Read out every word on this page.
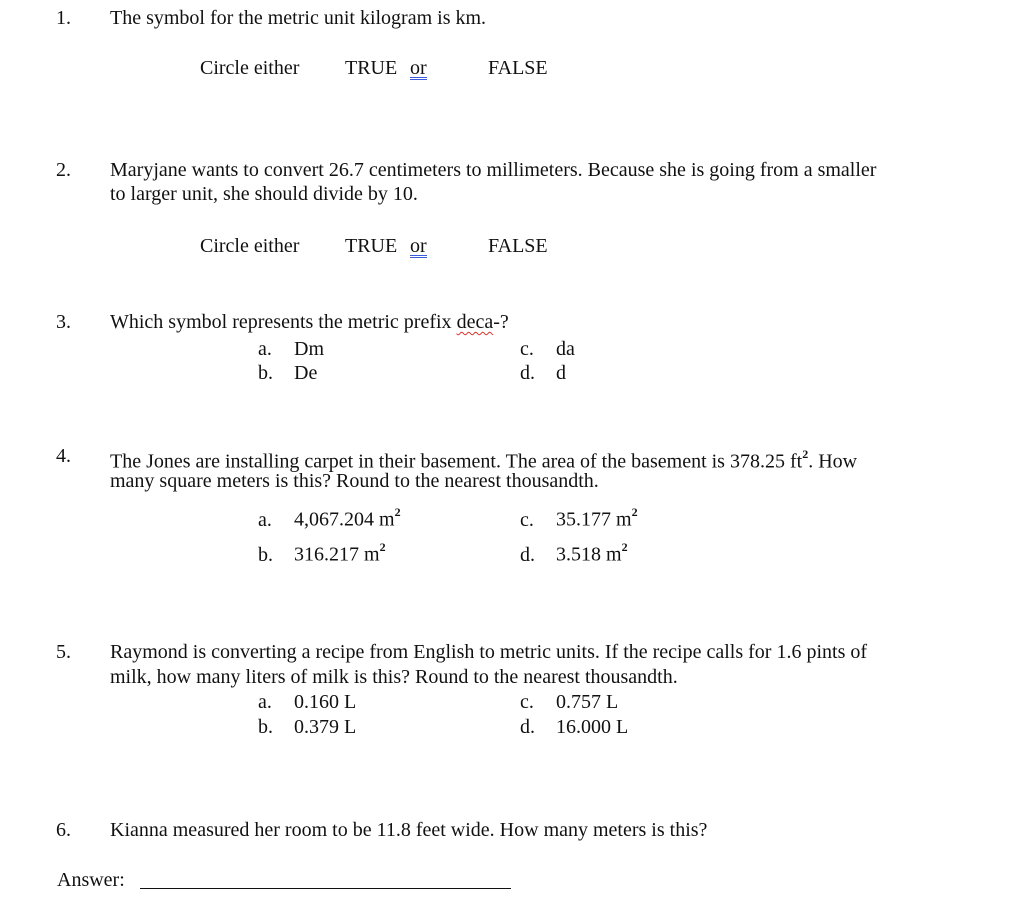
1. The symbol for the metric unit kilogram is km.
Circle either TRUE or	FALSE
2. Maryjane wants to convert 26.7 centimeters to millimeters. Because she is going from a smaller
to larger unit, she should divide by 10.
Circle either TRUE or	FALSE
3. Which symbol represents the metric prefix deca-?
a. Dm
b. De
c. da
d. d
4. The Jones are installing carpet in their basement. The area of the basement is 378.25 $ft^2$. How
many square meters is this? Round to the nearest thousandth.
a. 4,067.204 $m^2$
b. 316.217 $m^2$
c. 35.177 $m^2$
d. 3.518 $m^2$
5. Raymond is converting a recipe from English to metric units. If the recipe calls for 1.6 pints of
milk, how many liters of milk is this? Round to the nearest thousandth.
a. 0.160 L
b. 0.379 L
c. 0.757 L
d. 16.000 L
6. Kianna measured her room to be 11.8 feet wide. How many meters is this?
Answer:
